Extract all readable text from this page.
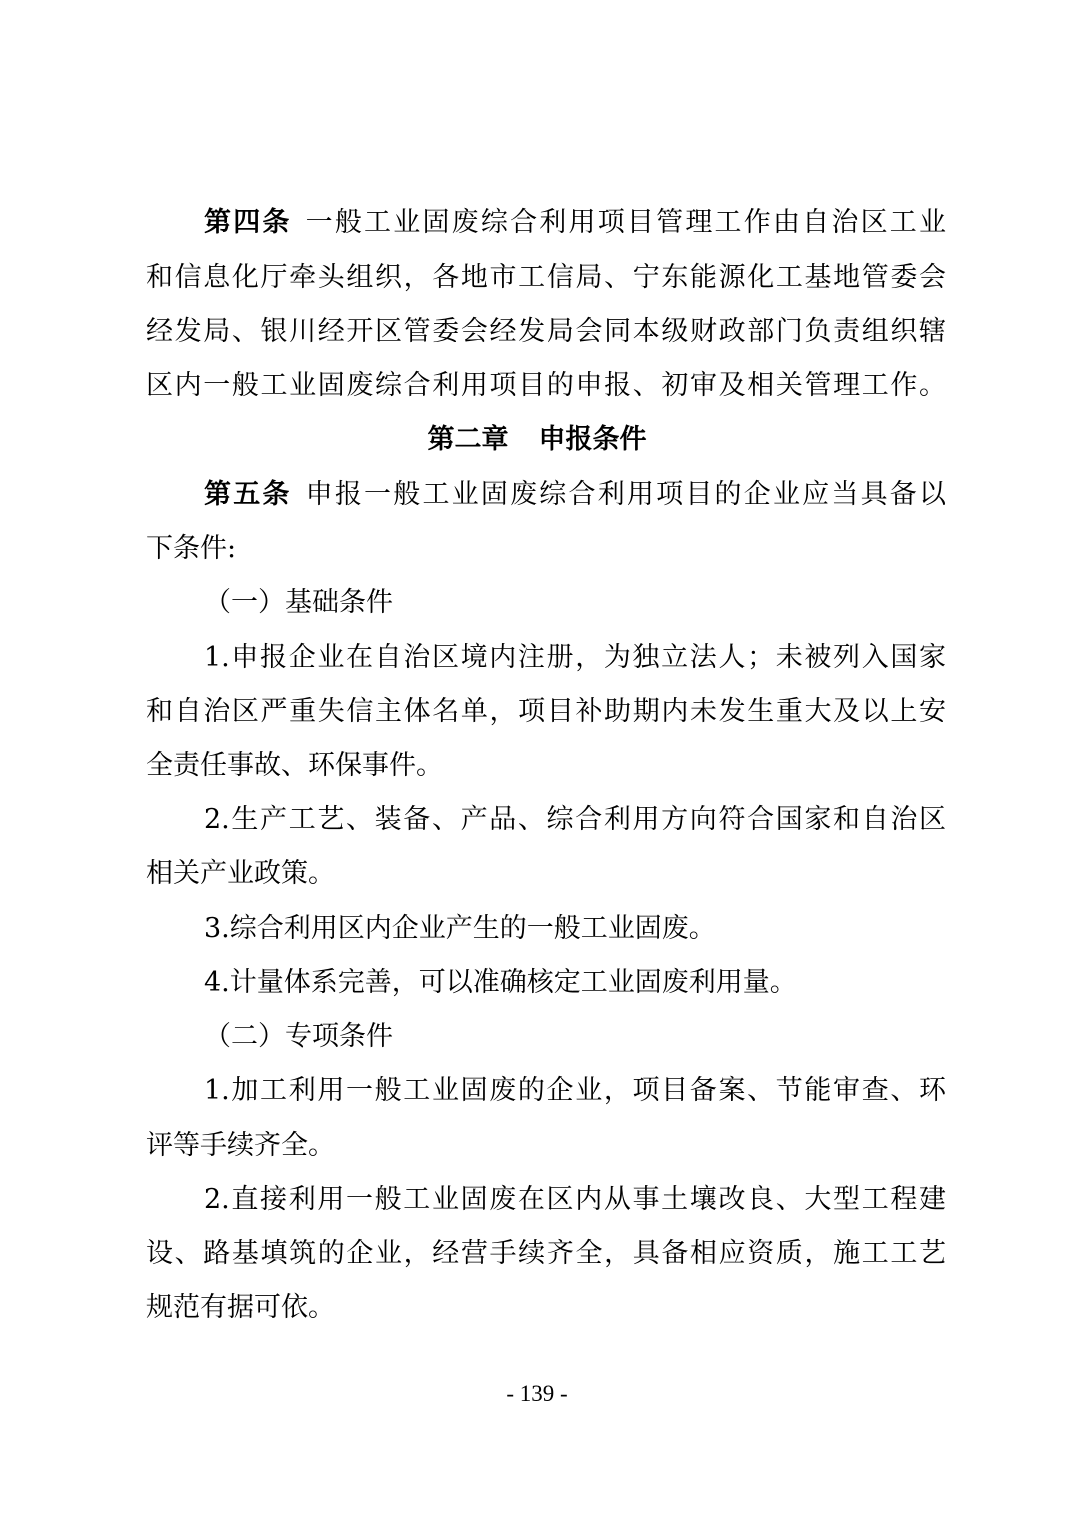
第四条 一般工业固废综合利用项目管理工作由自治区工业
和信息化厅牵头组织，各地市工信局、宁东能源化工基地管委会
经发局、银川经开区管委会经发局会同本级财政部门负责组织辖
区内一般工业固废综合利用项目的申报、初审及相关管理工作。
第二章 申报条件
第五条 申报一般工业固废综合利用项目的企业应当具备以
下条件:
（一）基础条件
1.申报企业在自治区境内注册，为独立法人；未被列入国家
和自治区严重失信主体名单，项目补助期内未发生重大及以上安
全责任事故、环保事件。
2.生产工艺、装备、产品、综合利用方向符合国家和自治区
相关产业政策。
3.综合利用区内企业产生的一般工业固废。
4.计量体系完善，可以准确核定工业固废利用量。
（二）专项条件
1.加工利用一般工业固废的企业，项目备案、节能审查、环
评等手续齐全。
2.直接利用一般工业固废在区内从事土壤改良、大型工程建
设、路基填筑的企业，经营手续齐全，具备相应资质，施工工艺
规范有据可依。
- 139 -
